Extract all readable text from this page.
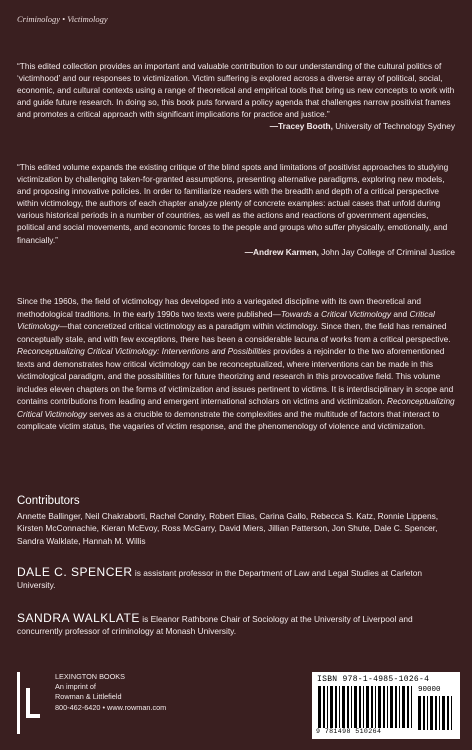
Criminology • Victimology
“This edited collection provides an important and valuable contribution to our understanding of the cultural politics of ‘victimhood’ and our responses to victimization. Victim suffering is explored across a diverse array of political, social, economic, and cultural contexts using a range of theoretical and empirical tools that bring us new concepts to work with and guide future research. In doing so, this book puts forward a policy agenda that challenges narrow positivist frames and promotes a critical approach with significant implications for practice and justice.”
—Tracey Booth, University of Technology Sydney
“This edited volume expands the existing critique of the blind spots and limitations of positivist approaches to studying victimization by challenging taken-for-granted assumptions, presenting alternative paradigms, exploring new models, and proposing innovative policies. In order to familiarize readers with the breadth and depth of a critical perspective within victimology, the authors of each chapter analyze plenty of concrete examples: actual cases that unfold during various historical periods in a number of countries, as well as the actions and reactions of government agencies, political and social movements, and economic forces to the people and groups who suffer physically, emotionally, and financially.”
—Andrew Karmen, John Jay College of Criminal Justice
Since the 1960s, the field of victimology has developed into a variegated discipline with its own theoretical and methodological traditions. In the early 1990s two texts were published—Towards a Critical Victimology and Critical Victimology—that concretized critical victimology as a paradigm within victimology. Since then, the field has remained conceptually stale, and with few exceptions, there has been a considerable lacuna of works from a critical perspective. Reconceptualizing Critical Victimology: Interventions and Possibilities provides a rejoinder to the two aforementioned texts and demonstrates how critical victimology can be reconceptualized, where interventions can be made in this victimological paradigm, and the possibilities for future theorizing and research in this provocative field. This volume includes eleven chapters on the forms of victimization and issues pertinent to victims. It is interdisciplinary in scope and contains contributions from leading and emergent international scholars on victims and victimization. Reconceptualizing Critical Victimology serves as a crucible to demonstrate the complexities and the multitude of factors that interact to complicate victim status, the vagaries of victim response, and the phenomenology of violence and victimization.
Contributors
Annette Ballinger, Neil Chakraborti, Rachel Condry, Robert Elias, Carina Gallo, Rebecca S. Katz, Ronnie Lippens, Kirsten McConnachie, Kieran McEvoy, Ross McGarry, David Miers, Jillian Patterson, Jon Shute, Dale C. Spencer, Sandra Walklate, Hannah M. Willis
DALE C. SPENCER is assistant professor in the Department of Law and Legal Studies at Carleton University.
SANDRA WALKLATE is Eleanor Rathbone Chair of Sociology at the University of Liverpool and concurrently professor of criminology at Monash University.
LEXINGTON BOOKS
An imprint of
Rowman & Littlefield
800-462-6420 • www.rowman.com
ISBN 978-1-4985-1026-4
90000
9 781498 510264
